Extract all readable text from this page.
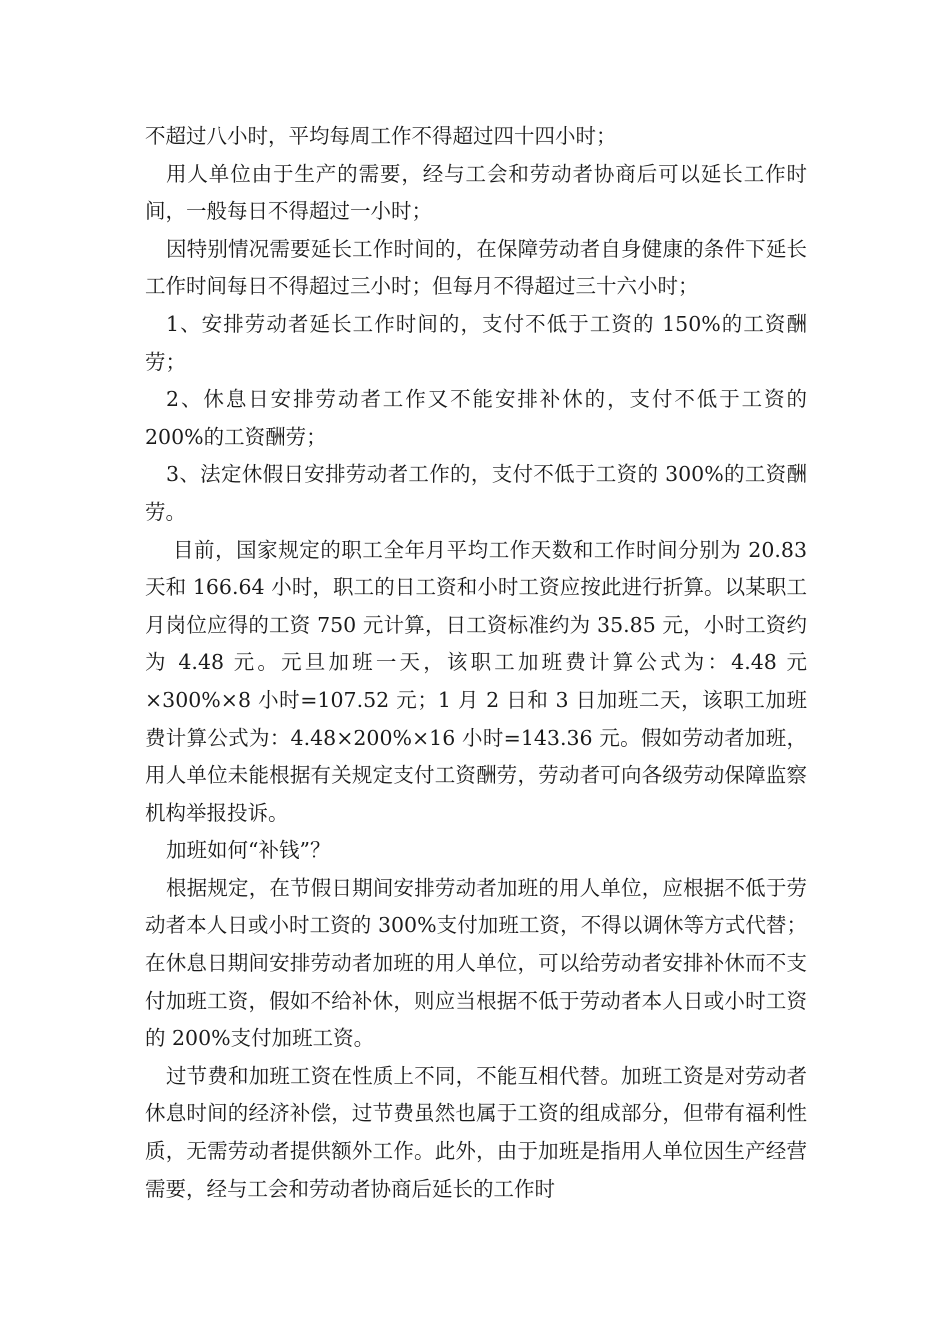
不超过八小时，平均每周工作不得超过四十四小时；

用人单位由于生产的需要，经与工会和劳动者协商后可以延长工作时间，一般每日不得超过一小时；

因特别情况需要延长工作时间的，在保障劳动者自身健康的条件下延长工作时间每日不得超过三小时；但每月不得超过三十六小时；

1、安排劳动者延长工作时间的，支付不低于工资的 150%的工资酬劳；

2、休息日安排劳动者工作又不能安排补休的，支付不低于工资的 200%的工资酬劳；

3、法定休假日安排劳动者工作的，支付不低于工资的 300%的工资酬劳。

目前，国家规定的职工全年月平均工作天数和工作时间分别为 20.83 天和 166.64 小时，职工的日工资和小时工资应按此进行折算。以某职工月岗位应得的工资 750 元计算，日工资标准约为 35.85 元，小时工资约为 4.48 元。元旦加班一天，该职工加班费计算公式为：4.48 元×300%×8 小时=107.52 元；1 月 2 日和 3 日加班二天，该职工加班费计算公式为：4.48×200%×16 小时=143.36 元。假如劳动者加班，用人单位未能根据有关规定支付工资酬劳，劳动者可向各级劳动保障监察机构举报投诉。

加班如何“补钱”？

根据规定，在节假日期间安排劳动者加班的用人单位，应根据不低于劳动者本人日或小时工资的 300%支付加班工资，不得以调休等方式代替；在休息日期间安排劳动者加班的用人单位，可以给劳动者安排补休而不支付加班工资，假如不给补休，则应当根据不低于劳动者本人日或小时工资的 200%支付加班工资。

过节费和加班工资在性质上不同，不能互相代替。加班工资是对劳动者休息时间的经济补偿，过节费虽然也属于工资的组成部分，但带有福利性质，无需劳动者提供额外工作。此外，由于加班是指用人单位因生产经营需要，经与工会和劳动者协商后延长的工作时
